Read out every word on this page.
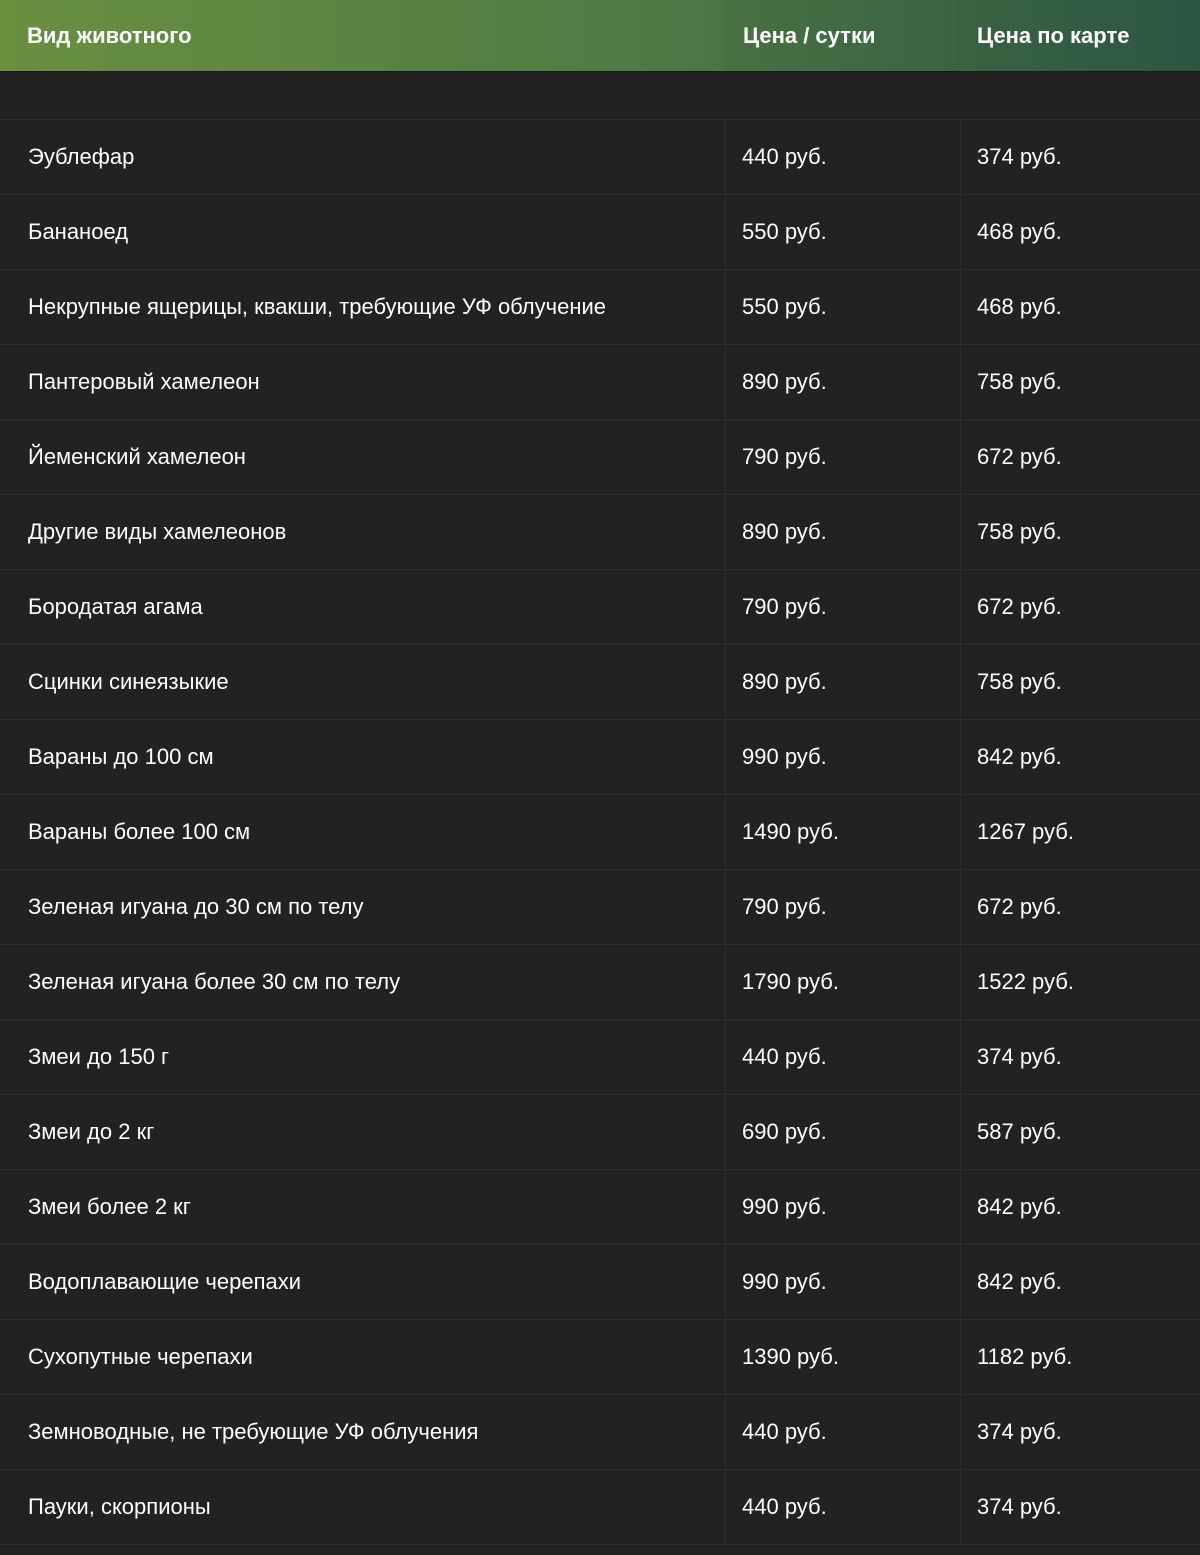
Вид животного	Цена / сутки	Цена по карте
Эублефар	440 руб.	374 руб.
Бананоед	550 руб.	468 руб.
Некрупные ящерицы, квакши, требующие УФ облучение	550 руб.	468 руб.
Пантеровый хамелеон	890 руб.	758 руб.
Йеменский хамелеон	790 руб.	672 руб.
Другие виды хамелеонов	890 руб.	758 руб.
Бородатая агама	790 руб.	672 руб.
Сцинки синеязыкие	890 руб.	758 руб.
Вараны до 100 см	990 руб.	842 руб.
Вараны более 100 см	1490 руб.	1267 руб.
Зеленая игуана до 30 см по телу	790 руб.	672 руб.
Зеленая игуана более 30 см по телу	1790 руб.	1522 руб.
Змеи до 150 г	440 руб.	374 руб.
Змеи до 2 кг	690 руб.	587 руб.
Змеи более 2 кг	990 руб.	842 руб.
Водоплавающие черепахи	990 руб.	842 руб.
Сухопутные черепахи	1390 руб.	1182 руб.
Земноводные, не требующие УФ облучения	440 руб.	374 руб.
Пауки, скорпионы	440 руб.	374 руб.
